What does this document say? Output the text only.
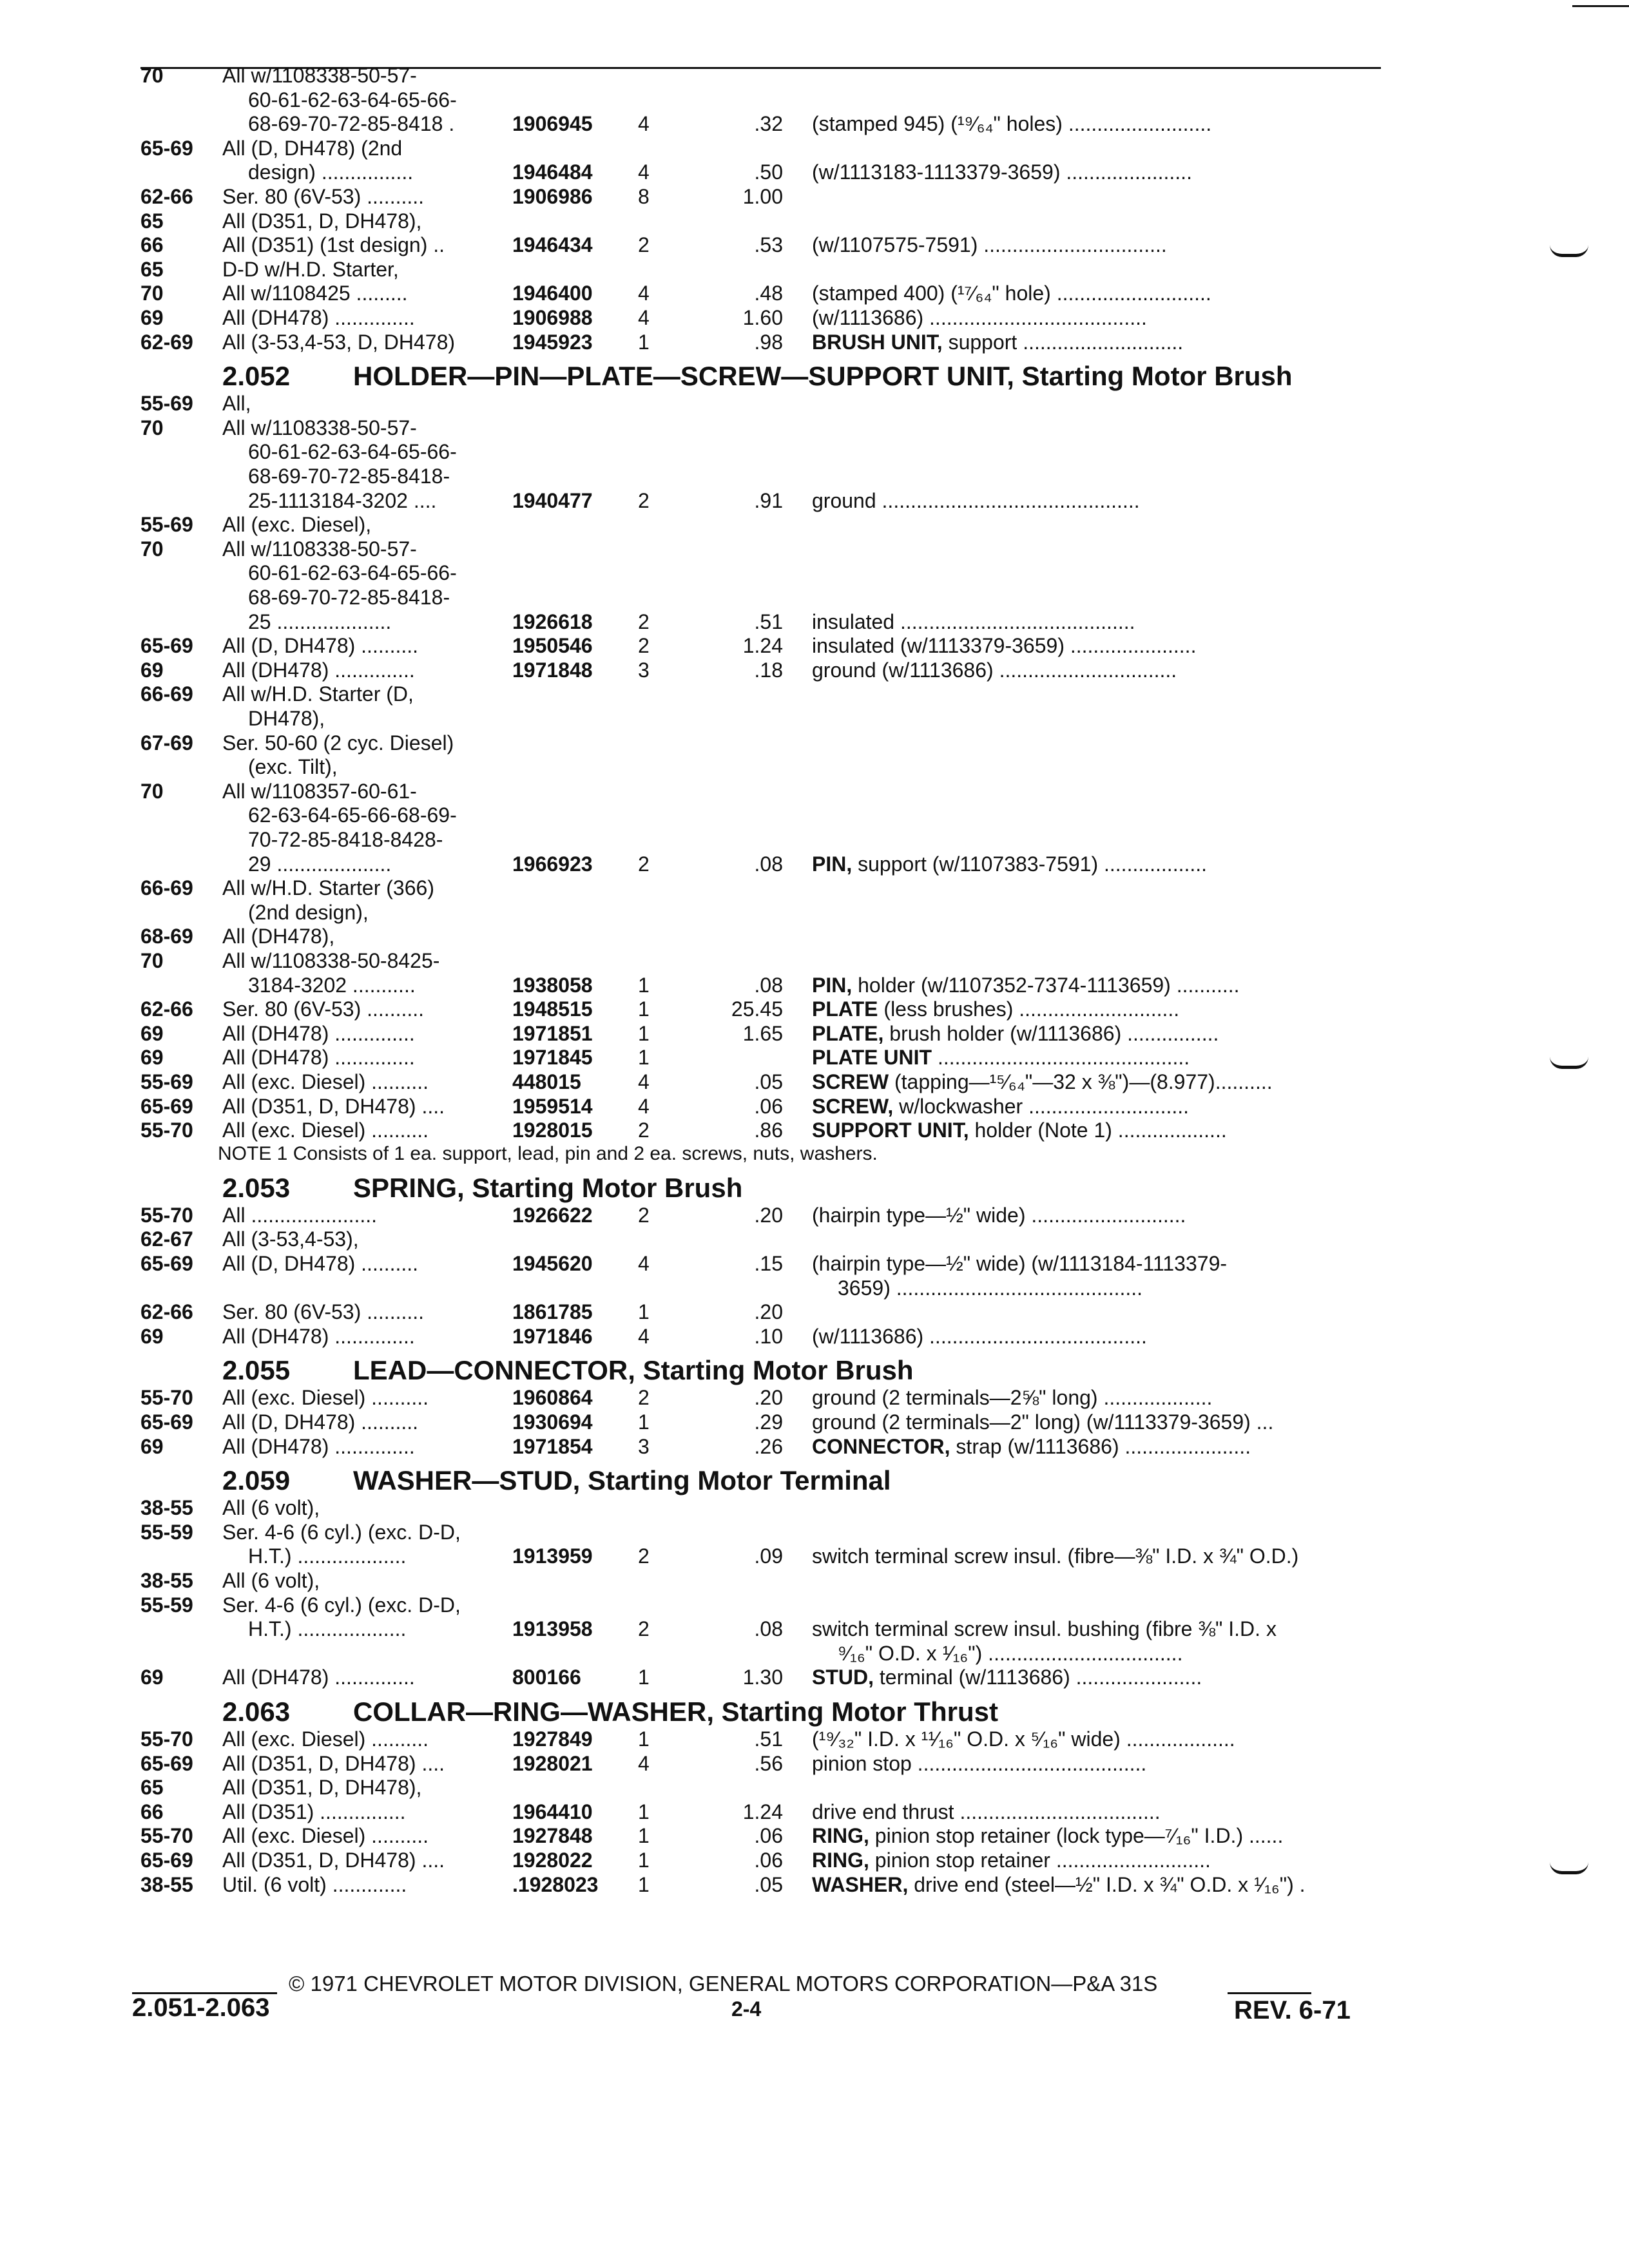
70	All w/1108338-50-57-
60-61-62-63-64-65-66-
68-69-70-72-85-8418 .	1906945 4	.32 (stamped 945) (¹⁹⁄₆₄" holes) .........................
65-69 All (D, DH478) (2nd
design) ................	1946484 4	.50 (w/1113183-1113379-3659) ......................
62-66 Ser. 80 (6V-53) ..........	1906986 8	1.00
65	All (D351, D, DH478),
66	All (D351) (1st design) ..	1946434 2	.53 (w/1107575-7591) ................................
65	D-D w/H.D. Starter,
70	All w/1108425 .........	1946400 4	.48 (stamped 400) (¹⁷⁄₆₄" hole) ...........................
69	All (DH478) ..............	1906988 4	1.60 (w/1113686) ......................................
62-69 All (3-53,4-53, D, DH478)	1945923 1	.98 BRUSH UNIT, support ............................
2.052 HOLDER—PIN—PLATE—SCREW—SUPPORT UNIT, Starting Motor Brush
55-69 All,
70	All w/1108338-50-57-
60-61-62-63-64-65-66-
68-69-70-72-85-8418-
25-1113184-3202 ....	1940477 2	.91 ground .............................................
55-69 All (exc. Diesel),
70	All w/1108338-50-57-
60-61-62-63-64-65-66-
68-69-70-72-85-8418-
25 ....................	1926618 2	.51 insulated .........................................
65-69 All (D, DH478) ..........	1950546 2	1.24 insulated (w/1113379-3659) ......................
69	All (DH478) ..............	1971848 3	.18 ground (w/1113686) ...............................
66-69 All w/H.D. Starter (D,
DH478),
67-69 Ser. 50-60 (2 cyc. Diesel)
(exc. Tilt),
70	All w/1108357-60-61-
62-63-64-65-66-68-69-
70-72-85-8418-8428-
29 ....................	1966923 2	.08 PIN, support (w/1107383-7591) ..................
66-69 All w/H.D. Starter (366)
(2nd design),
68-69 All (DH478),
70	All w/1108338-50-8425-
3184-3202 ...........	1938058 1	.08 PIN, holder (w/1107352-7374-1113659) ...........
62-66 Ser. 80 (6V-53) ..........	1948515 1	25.45 PLATE (less brushes) ............................
69	All (DH478) ..............	1971851 1	1.65 PLATE, brush holder (w/1113686) ................
69	All (DH478) ..............	1971845 1	PLATE UNIT ............................................
55-69 All (exc. Diesel) ..........	448015	4	.05 SCREW (tapping—¹⁵⁄₆₄"—32 x ⅜")—(8.977)..........
65-69 All (D351, D, DH478) ....	1959514 4	.06 SCREW, w/lockwasher ............................
55-70 All (exc. Diesel) ..........	1928015 2	.86 SUPPORT UNIT, holder (Note 1) ...................
NOTE 1 Consists of 1 ea. support, lead, pin and 2 ea. screws, nuts, washers.
2.053 SPRING, Starting Motor Brush
55-70 All ......................	1926622 2	.20 (hairpin type—½" wide) ...........................
62-67 All (3-53,4-53),
65-69 All (D, DH478) ..........	1945620 4	.15 (hairpin type—½" wide) (w/1113184-1113379-
3659) ...........................................
62-66 Ser. 80 (6V-53) ..........	1861785 1	.20
69	All (DH478) ..............	1971846 4	.10 (w/1113686) ......................................
2.055 LEAD—CONNECTOR, Starting Motor Brush
55-70 All (exc. Diesel) ..........	1960864 2	.20 ground (2 terminals—2⅝" long) ...................
65-69 All (D, DH478) ..........	1930694 1	.29 ground (2 terminals—2" long) (w/1113379-3659) ...
69	All (DH478) ..............	1971854 3	.26 CONNECTOR, strap (w/1113686) ......................
2.059 WASHER—STUD, Starting Motor Terminal
38-55 All (6 volt),
55-59 Ser. 4-6 (6 cyl.) (exc. D-D,
H.T.) ...................	1913959 2	.09 switch terminal screw insul. (fibre—⅜" I.D. x ¾" O.D.)
38-55 All (6 volt),
55-59 Ser. 4-6 (6 cyl.) (exc. D-D,
H.T.) ...................	1913958 2	.08 switch terminal screw insul. bushing (fibre ⅜" I.D. x
⁹⁄₁₆" O.D. x ¹⁄₁₆") ..................................
69	All (DH478) ..............	800166	1	1.30 STUD, terminal (w/1113686) ......................
2.063 COLLAR—RING—WASHER, Starting Motor Thrust
55-70 All (exc. Diesel) ..........	1927849 1	.51 (¹⁹⁄₃₂" I.D. x ¹¹⁄₁₆" O.D. x ⁵⁄₁₆" wide) ...................
65-69 All (D351, D, DH478) ....	1928021 4	.56 pinion stop ........................................
65	All (D351, D, DH478),
66	All (D351) ...............	1964410 1	1.24 drive end thrust ...................................
55-70 All (exc. Diesel) ..........	1927848 1	.06 RING, pinion stop retainer (lock type—⁷⁄₁₆" I.D.) ......
65-69 All (D351, D, DH478) ....	1928022 1	.06 RING, pinion stop retainer ...........................
38-55 Util. (6 volt) .............	.1928023 1	.05 WASHER, drive end (steel—½" I.D. x ¾" O.D. x ¹⁄₁₆") .
© 1971 CHEVROLET MOTOR DIVISION, GENERAL MOTORS CORPORATION—P&A 31S
2.051-2.063	2-4	REV. 6-71
